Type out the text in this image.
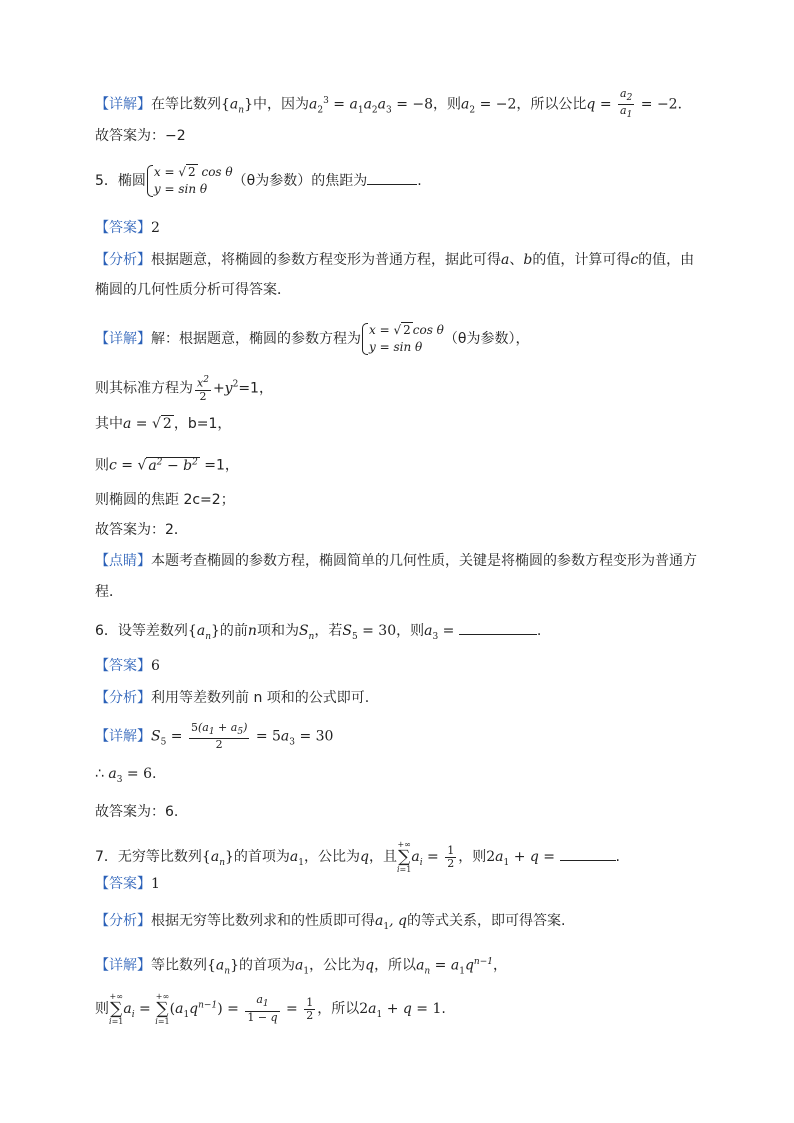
【详解】在等比数列$\{a_n\}$中，因为$a_2^3 = a_1a_2a_3 = -8$，则$a_2 = -2$，所以公比$q = \frac{a_2}{a_1} = -2$．
故答案为：−2
5．椭圆
x = √ 2 cos θ
y = sin θ	（θ为参数）的焦距为	.
【答案】2
【分析】根据题意，将椭圆的参数方程变形为普通方程，据此可得a、b的值，计算可得c的值，由
椭圆的几何性质分析可得答案．
【详解】解：根据题意，椭圆的参数方程为
x = √ 2 cos θ
y = sin θ	（θ为参数），
则其标准方程为 $\frac{x^2}{2} +y^2=1$，
其中a = √ 2 ，b=1，
则c = √ $a^2 - b^2 =1$，
则椭圆的焦距 2c=2；
故答案为：2．
【点睛】本题考查椭圆的参数方程，椭圆简单的几何性质，关键是将椭圆的参数方程变形为普通方
程．
6．设等差数列$\{a_n\}$的前n项和为$S_n$，若$S_5 = 30$，则$a_3$ =	.
【答案】6
【分析】利用等差数列前 n 项和的公式即可.
【详解】$S_5 = \frac{5(a_1 + a_5)}{2} = 5a_3 = 30$
∴ $a_3 = 6$.
故答案为：6.
7．无穷等比数列$\{a_n\}$的首项为$a_1$，公比为q，且+∞
∑
$i=1a_i = \frac{1}{2}$ ，则$2a_1 + q$ =	.
【答案】1
【分析】根据无穷等比数列求和的性质即可得$a_1$, q的等式关系，即可得答案.
【详解】等比数列$\{a_n\}$的首项为$a_1$，公比为q，所以$a_n = a_1q^{n-1}$，
则+∞
∑
$i=1a_i$ = +∞
∑
$i=1(a_1q^{n-1}) = \frac{a_1}{1 - q} = \frac{1}{2}$ ，所以$2a_1 + q = 1$.
